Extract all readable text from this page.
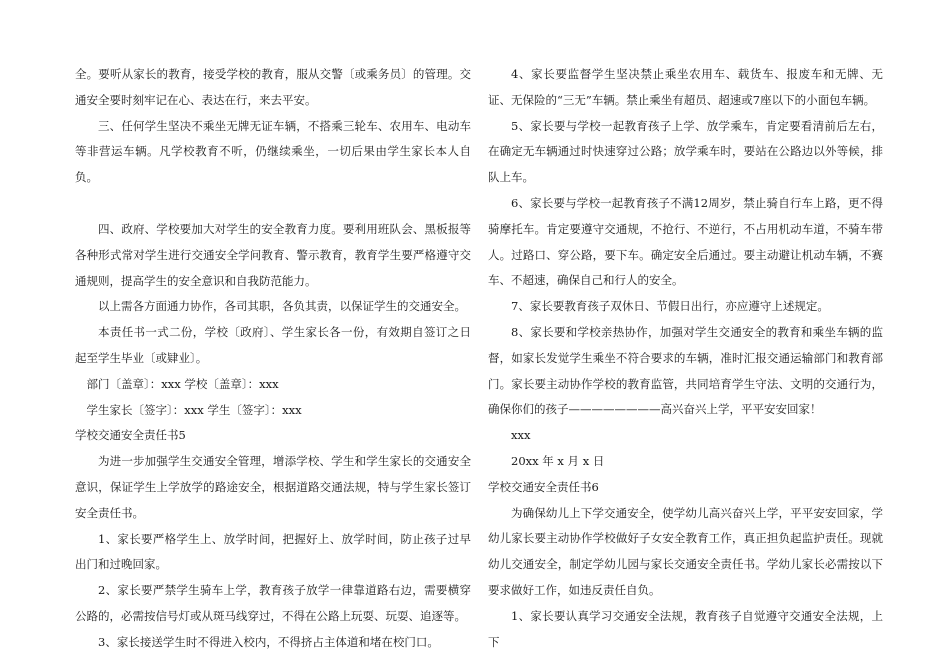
全。要听从家长的教育，接受学校的教育，服从交警〔或乘务员〕的管理。交通安全要时刻牢记在心、表达在行，来去平安。

三、任何学生坚决不乘坐无牌无证车辆，不搭乘三轮车、农用车、电动车等非营运车辆。凡学校教育不听，仍继续乘坐，一切后果由学生家长本人自负。

四、政府、学校要加大对学生的安全教育力度。要利用班队会、黑板报等各种形式常对学生进行交通安全学问教育、警示教育，教育学生要严格遵守交通规则，提高学生的安全意识和自我防范能力。

以上需各方面通力协作，各司其职，各负其责，以保证学生的交通安全。

本责任书一式二份，学校〔政府〕、学生家长各一份，有效期自签订之日起至学生毕业〔或肄业〕。

部门〔盖章〕：xxx 学校〔盖章〕：xxx

学生家长〔签字〕：xxx 学生〔签字〕：xxx

学校交通安全责任书5

为进一步加强学生交通安全管理，增添学校、学生和学生家长的交通安全意识，保证学生上学放学的路途安全，根据道路交通法规，特与学生家长签订安全责任书。

1、家长要严格学生上、放学时间，把握好上、放学时间，防止孩子过早出门和过晚回家。

2、家长要严禁学生骑车上学，教育孩子放学一律靠道路右边，需要横穿公路的，必需按信号灯或从斑马线穿过，不得在公路上玩耍、玩耍、追逐等。

3、家长接送学生时不得进入校内，不得挤占主体道和堵在校门口。

4、家长要监督学生坚决禁止乘坐农用车、载货车、报废车和无牌、无证、无保险的“三无”车辆。禁止乘坐有超员、超速或7座以下的小面包车辆。

5、家长要与学校一起教育孩子上学、放学乘车，肯定要看清前后左右，在确定无车辆通过时快速穿过公路；放学乘车时，要站在公路边以外等候，排队上车。

6、家长要与学校一起教育孩子不满12周岁，禁止骑自行车上路，更不得骑摩托车。肯定要遵守交通规，不抢行、不逆行，不占用机动车道，不骑车带人。过路口、穿公路，要下车。确定安全后通过。要主动避让机动车辆，不赛车、不超速，确保自己和行人的安全。

7、家长要教育孩子双休日、节假日出行，亦应遵守上述规定。

8、家长要和学校亲热协作，加强对学生交通安全的教育和乘坐车辆的监督，如家长发觉学生乘坐不符合要求的车辆，准时汇报交通运输部门和教育部门。家长要主动协作学校的教育监管，共同培育学生守法、文明的交通行为，确保你们的孩子————————高兴奋兴上学，平平安安回家！

xxx

20xx 年 x 月 x 日

学校交通安全责任书6

为确保幼儿上下学交通安全，使学幼儿高兴奋兴上学，平平安安回家，学幼儿家长要主动协作学校做好子女安全教育工作，真正担负起监护责任。现就幼儿交通安全，制定学幼儿园与家长交通安全责任书。学幼儿家长必需按以下要求做好工作，如违反责任自负。

1、家长要认真学习交通安全法规，教育孩子自觉遵守交通安全法规，上下
